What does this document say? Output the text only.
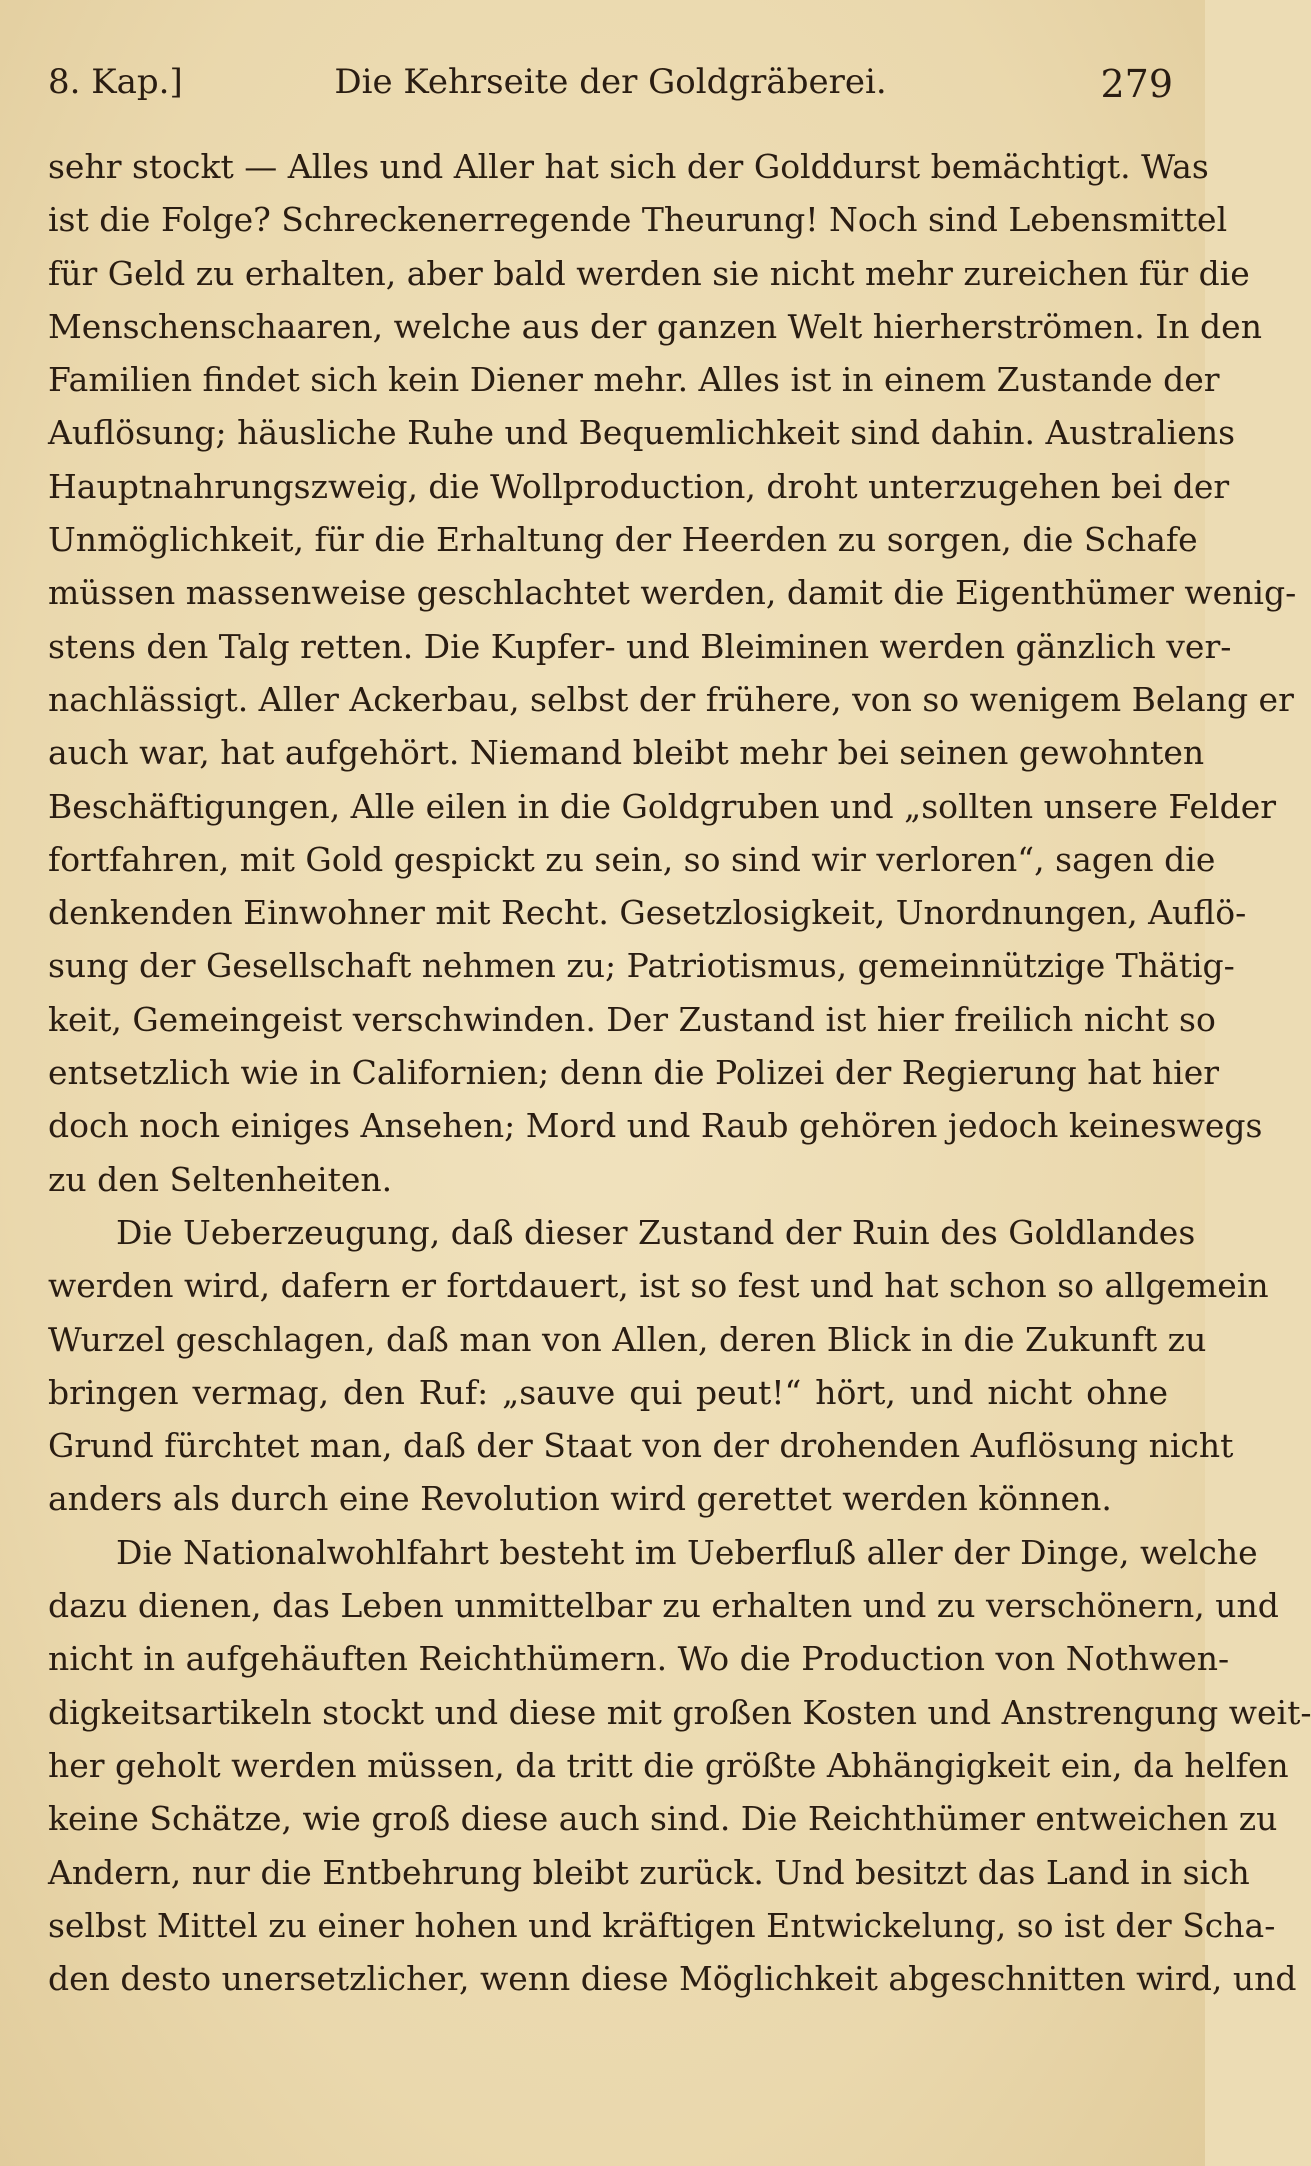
8. Kap.]	Die Kehrseite der Goldgräberei.	279
sehr stockt — Alles und Aller hat sich der Golddurst bemächtigt. Was
ist die Folge? Schreckenerregende Theurung! Noch sind Lebensmittel
für Geld zu erhalten, aber bald werden sie nicht mehr zureichen für die
Menschenschaaren, welche aus der ganzen Welt hierherströmen. In den
Familien findet sich kein Diener mehr. Alles ist in einem Zustande der
Auflösung; häusliche Ruhe und Bequemlichkeit sind dahin. Australiens
Hauptnahrungszweig, die Wollproduction, droht unterzugehen bei der
Unmöglichkeit, für die Erhaltung der Heerden zu sorgen, die Schafe
müssen massenweise geschlachtet werden, damit die Eigenthümer wenig-
stens den Talg retten. Die Kupfer- und Bleiminen werden gänzlich ver-
nachlässigt. Aller Ackerbau, selbst der frühere, von so wenigem Belang er
auch war, hat aufgehört. Niemand bleibt mehr bei seinen gewohnten
Beschäftigungen, Alle eilen in die Goldgruben und „sollten unsere Felder
fortfahren, mit Gold gespickt zu sein, so sind wir verloren“, sagen die
denkenden Einwohner mit Recht. Gesetzlosigkeit, Unordnungen, Auflö-
sung der Gesellschaft nehmen zu; Patriotismus, gemeinnützige Thätig-
keit, Gemeingeist verschwinden. Der Zustand ist hier freilich nicht so
entsetzlich wie in Californien; denn die Polizei der Regierung hat hier
doch noch einiges Ansehen; Mord und Raub gehören jedoch keineswegs
zu den Seltenheiten.
Die Ueberzeugung, daß dieser Zustand der Ruin des Goldlandes
werden wird, dafern er fortdauert, ist so fest und hat schon so allgemein
Wurzel geschlagen, daß man von Allen, deren Blick in die Zukunft zu
bringen vermag, den Ruf: „sauve qui peut!“ hört, und nicht ohne
Grund fürchtet man, daß der Staat von der drohenden Auflösung nicht
anders als durch eine Revolution wird gerettet werden können.
Die Nationalwohlfahrt besteht im Ueberfluß aller der Dinge, welche
dazu dienen, das Leben unmittelbar zu erhalten und zu verschönern, und
nicht in aufgehäuften Reichthümern. Wo die Production von Nothwen-
digkeitsartikeln stockt und diese mit großen Kosten und Anstrengung weit-
her geholt werden müssen, da tritt die größte Abhängigkeit ein, da helfen
keine Schätze, wie groß diese auch sind. Die Reichthümer entweichen zu
Andern, nur die Entbehrung bleibt zurück. Und besitzt das Land in sich
selbst Mittel zu einer hohen und kräftigen Entwickelung, so ist der Scha-
den desto unersetzlicher, wenn diese Möglichkeit abgeschnitten wird, und
